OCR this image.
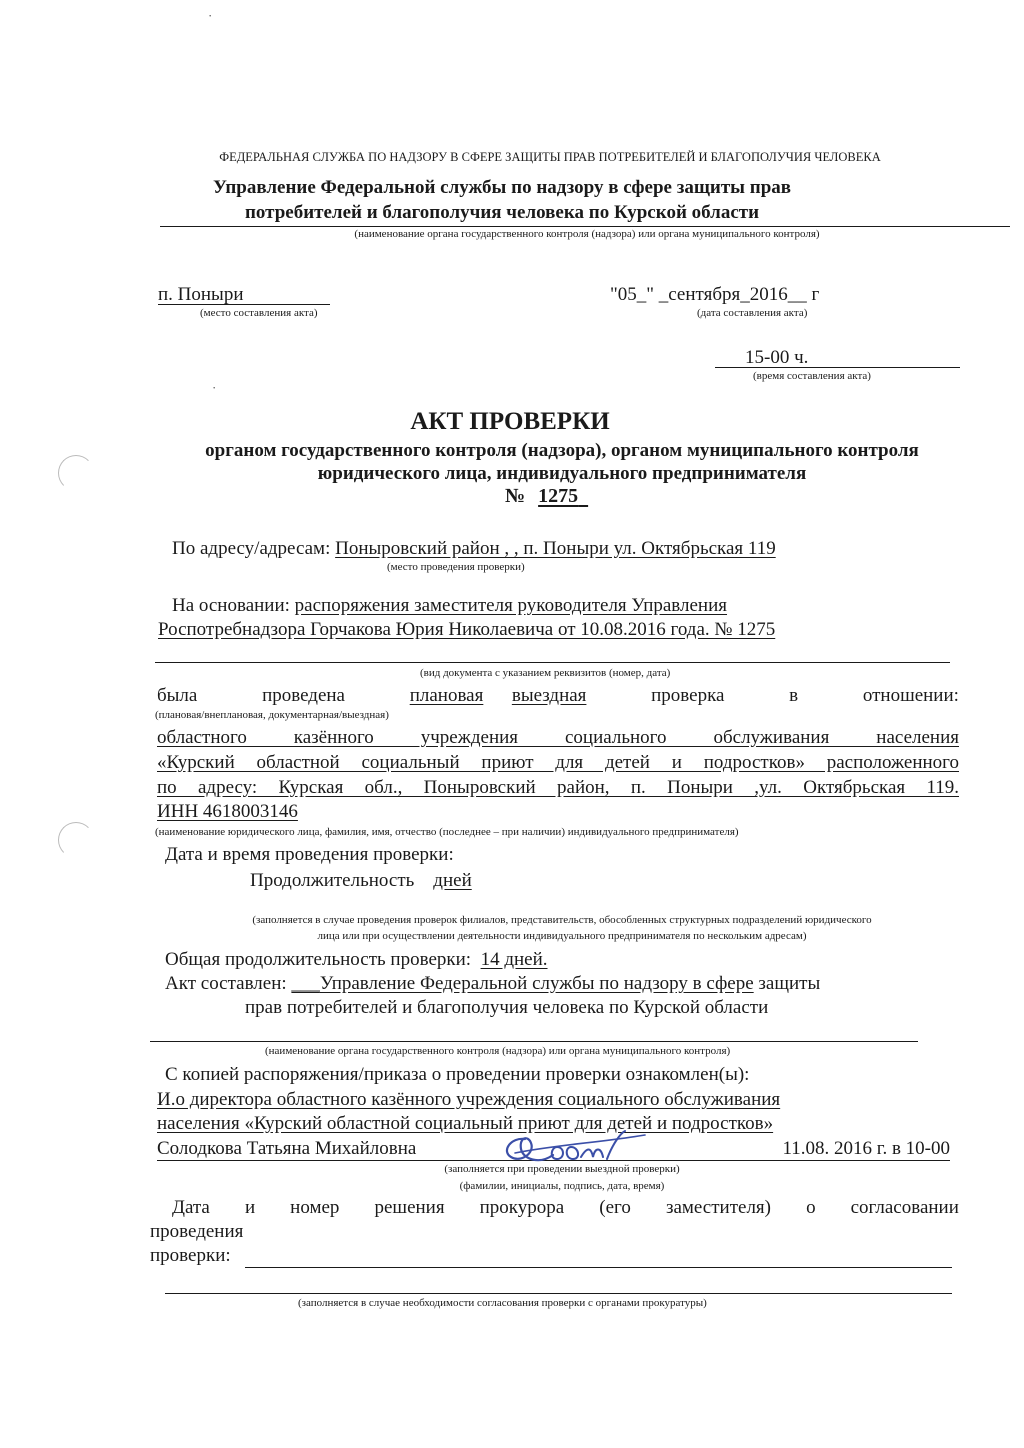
·
·
ФЕДЕРАЛЬНАЯ СЛУЖБА ПО НАДЗОРУ В СФЕРЕ ЗАЩИТЫ ПРАВ ПОТРЕБИТЕЛЕЙ И БЛАГОПОЛУЧИЯ ЧЕЛОВЕКА
Управление Федеральной службы по надзору в сфере защиты прав
потребителей и благополучия человека по Курской области
(наименование органа государственного контроля (надзора) или органа муниципального контроля)
п. Поныри
(место составления акта)
"05_" _сентября_2016__ г
(дата составления акта)
15-00 ч.
(время составления акта)
АКТ ПРОВЕРКИ
органом государственного контроля (надзора), органом муниципального контроля
юридического лица, индивидуального предпринимателя
№ 1275
По адресу/адресам: Поныровский район , , п. Поныри ул. Октябрьская 119
(место проведения проверки)
На основании: распоряжения заместителя руководителя Управления
Роспотребнадзора Горчакова Юрия Николаевича от 10.08.2016 года. № 1275
(вид документа с указанием реквизитов (номер, дата)
была	проведена	плановая выездная	проверка	в	отношении:
(плановая/внеплановая, документарная/выездная)
областного казённого учреждения социального обслуживания населения
«Курский областной социальный приют для детей и подростков» расположенного
по адресу: Курская обл., Поныровский район, п. Поныри ,ул. Октябрьская 119.
ИНН 4618003146
(наименование юридического лица, фамилия, имя, отчество (последнее – при наличии) индивидуального предпринимателя)
Дата и время проведения проверки:
Продолжительность дней
(заполняется в случае проведения проверок филиалов, представительств, обособленных структурных подразделений юридического
лица или при осуществлении деятельности индивидуального предпринимателя по нескольким адресам)
Общая продолжительность проверки: 14 дней.
Акт составлен: ___Управление Федеральной службы по надзору в сфере защиты
прав потребителей и благополучия человека по Курской области
(наименование органа государственного контроля (надзора) или органа муниципального контроля)
С копией распоряжения/приказа о проведении проверки ознакомлен(ы):
И.о директора областного казённого учреждения социального обслуживания
населения «Курский областной социальный приют для детей и подростков»
Солодкова Татьяна Михайловна	11.08. 2016 г. в 10-00
(заполняется при проведении выездной проверки)
(фамилии, инициалы, подпись, дата, время)
Дата и номер решения прокурора (его заместителя) о согласовании
проведения
проверки:
(заполняется в случае необходимости согласования проверки с органами прокуратуры)
